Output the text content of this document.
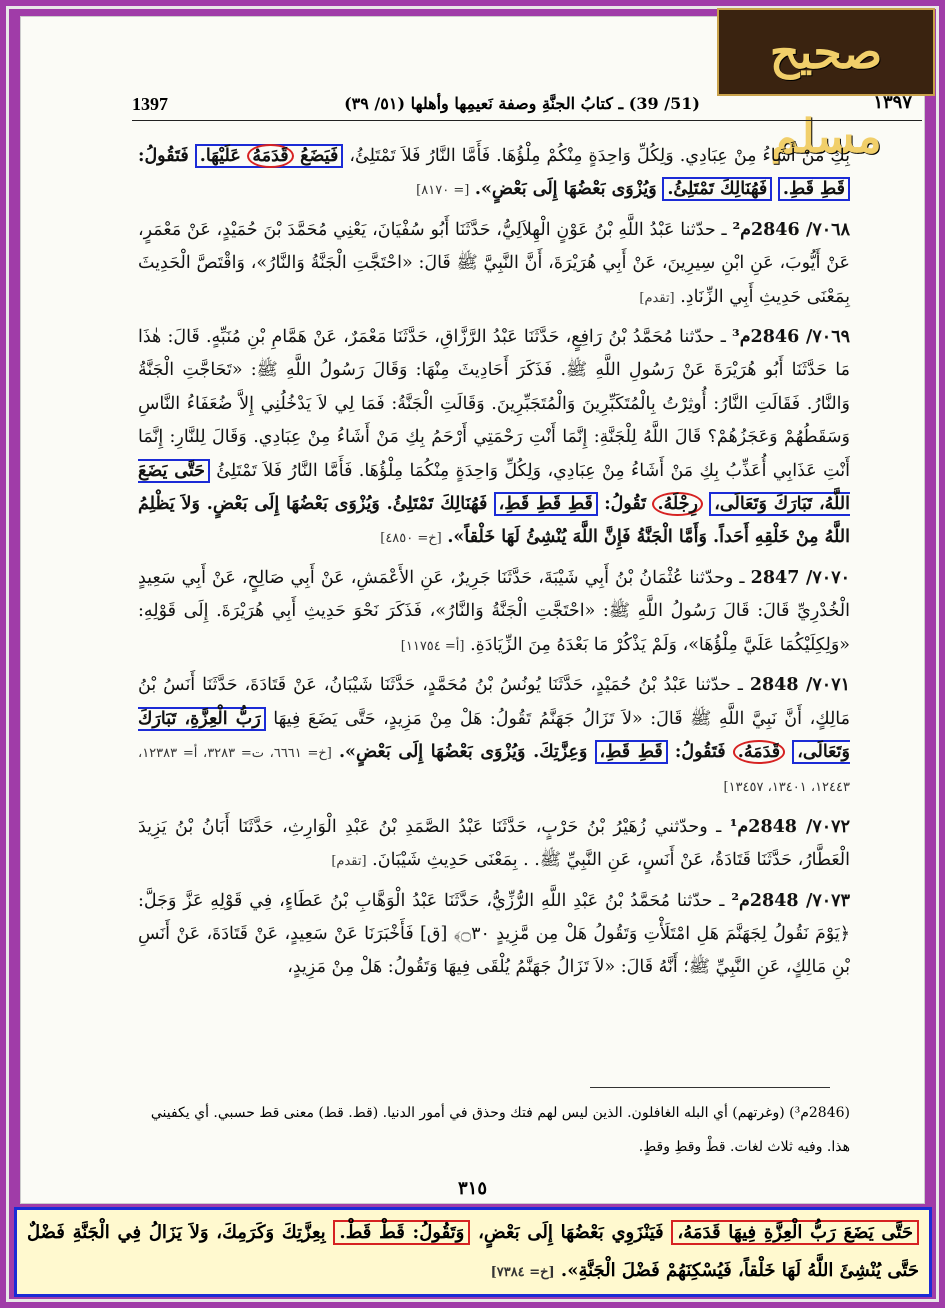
صحيح مسلم
1397	(51/ 39) ـ كتابُ الجنَّةِ وصفة نَعيمِها وأهلها (٥١/ ٣٩)	١٣٩٧

بِكِ مَنْ أَشَاءُ مِنْ عِبَادِي. وَلِكُلِّ وَاحِدَةٍ مِنْكُمْ مِلْؤُهَا. فَأَمَّا النَّارُ فَلاَ تَمْتَلِئُ، فَيَضَعُ قَدَمَهُ عَلَيْهَا. فَتَقُولُ: قَطِ قَطِ. فَهُنَالِكَ تَمْتَلِئُ. وَيُزْوَى بَعْضُهَا إِلَى بَعْضٍ». [= ٨١٧٠]

٧٠٦٨/ 2846م² ـ حدّثنا عَبْدُ اللَّهِ بْنُ عَوْنٍ الْهِلاَلِيُّ، حَدَّثَنَا أَبُو سُفْيَانَ، يَعْنِي مُحَمَّدَ بْنَ حُمَيْدٍ، عَنْ مَعْمَرٍ، عَنْ أَيُّوبَ، عَنِ ابْنِ سِيرِينَ، عَنْ أَبِي هُرَيْرَةَ، أَنَّ النَّبِيَّ ﷺ قَالَ: «احْتَجَّتِ الْجَنَّةُ وَالنَّارُ»، وَاقْتَصَّ الْحَدِيثَ بِمَعْنَى حَدِيثِ أَبِي الزِّنَادِ. [تقدم]

٧٠٦٩/ 2846م³ ـ حدّثنا مُحَمَّدُ بْنُ رَافِعٍ، حَدَّثَنَا عَبْدُ الرَّزَّاقِ، حَدَّثَنَا مَعْمَرٌ، عَنْ هَمَّامِ بْنِ مُنَبِّهٍ. قَالَ: هٰذَا مَا حَدَّثَنَا أَبُو هُرَيْرَةَ عَنْ رَسُولِ اللَّهِ ﷺ. فَذَكَرَ أَحَادِيثَ مِنْهَا: وَقَالَ رَسُولُ اللَّهِ ﷺ: «تَحَاجَّتِ الْجَنَّةُ وَالنَّارُ. فَقَالَتِ النَّارُ: أُوثِرْتُ بِالْمُتَكَبِّرِينَ وَالْمُتَجَبِّرِينَ. وَقَالَتِ الْجَنَّةُ: فَمَا لِي لاَ يَدْخُلُنِي إِلاَّ ضُعَفَاءُ النَّاسِ وَسَقَطُهُمْ وَعَجَزُهُمْ؟ قَالَ اللَّهُ لِلْجَنَّةِ: إِنَّمَا أَنْتِ رَحْمَتِي أَرْحَمُ بِكِ مَنْ أَشَاءُ مِنْ عِبَادِي. وَقَالَ لِلنَّارِ: إِنَّمَا أَنْتِ عَذَابِي أُعَذِّبُ بِكِ مَنْ أَشَاءُ مِنْ عِبَادِي، وَلِكُلِّ وَاحِدَةٍ مِنْكُمَا مِلْؤُهَا. فَأَمَّا النَّارُ فَلاَ تَمْتَلِئُ حَتَّى يَضَعَ اللَّهُ، تَبَارَكَ وَتَعَالَى، رِجْلَهُ. تَقُولُ: قَطِ قَطِ قَطِ، فَهُنَالِكَ تَمْتَلِئُ. وَيُزْوَى بَعْضُهَا إِلَى بَعْضٍ. وَلاَ يَظْلِمُ اللَّهُ مِنْ خَلْقِهِ أَحَداً. وَأَمَّا الْجَنَّةُ فَإِنَّ اللَّهَ يُنْشِئُ لَهَا خَلْقاً». [خ= ٤٨٥٠]

٧٠٧٠/ 2847 ـ وحدّثنا عُثْمَانُ بْنُ أَبِي شَيْبَةَ، حَدَّثَنَا جَرِيرٌ، عَنِ الأَعْمَشِ، عَنْ أَبِي صَالِحٍ، عَنْ أَبِي سَعِيدٍ الْخُدْرِيِّ قَالَ: قَالَ رَسُولُ اللَّهِ ﷺ: «احْتَجَّتِ الْجَنَّةُ وَالنَّارُ»، فَذَكَرَ نَحْوَ حَدِيثِ أَبِي هُرَيْرَةَ. إِلَى قَوْلِهِ: «وَلِكِلَيْكُمَا عَلَيَّ مِلْؤُهَا»، وَلَمْ يَذْكُرْ مَا بَعْدَهُ مِنَ الزِّيَادَةِ. [أ= ١١٧٥٤]

٧٠٧١/ 2848 ـ حدّثنا عَبْدُ بْنُ حُمَيْدٍ، حَدَّثَنَا يُونُسُ بْنُ مُحَمَّدٍ، حَدَّثَنَا شَيْبَانُ، عَنْ قَتَادَةَ، حَدَّثَنَا أَنَسُ بْنُ مَالِكٍ، أَنَّ نَبِيَّ اللَّهِ ﷺ قَالَ: «لاَ تَزَالُ جَهَنَّمُ تَقُولُ: هَلْ مِنْ مَزِيدٍ، حَتَّى يَضَعَ فِيهَا رَبُّ الْعِزَّةِ، تَبَارَكَ وَتَعَالَى، قَدَمَهُ. فَتَقُولُ: قَطِ قَطِ، وَعِزَّتِكَ. وَيُزْوَى بَعْضُهَا إِلَى بَعْضٍ». [خ= ٦٦٦١، ت= ٣٢٨٣، أ= ١٢٣٨٣، ١٢٤٤٣، ١٣٤٠١، ١٣٤٥٧]

٧٠٧٢/ 2848م¹ ـ وحدّثني زُهَيْرُ بْنُ حَرْبٍ، حَدَّثَنَا عَبْدُ الصَّمَدِ بْنُ عَبْدِ الْوَارِثِ، حَدَّثَنَا أَبَانُ بْنُ يَزِيدَ الْعَطَّارُ، حَدَّثَنَا قَتَادَةُ، عَنْ أَنَسٍ، عَنِ النَّبِيِّ ﷺ. . بِمَعْنَى حَدِيثِ شَيْبَانَ. [تقدم]

٧٠٧٣/ 2848م² ـ حدّثنا مُحَمَّدُ بْنُ عَبْدِ اللَّهِ الرُّزِّيُّ، حَدَّثَنَا عَبْدُ الْوَهَّابِ بْنُ عَطَاءٍ، فِي قَوْلِهِ عَزَّ وَجَلَّ: ﴿يَوْمَ نَقُولُ لِجَهَنَّمَ هَلِ امْتَلَأْتِ وَتَقُولُ هَلْ مِن مَّزِيدٍ ۝٣٠﴾ [ق] فَأَخْبَرَنَا عَنْ سَعِيدٍ، عَنْ قَتَادَةَ، عَنْ أَنَسِ بْنِ مَالِكٍ، عَنِ النَّبِيِّ ﷺ؛ أَنَّهُ قَالَ: «لاَ تَزَالُ جَهَنَّمُ يُلْقَى فِيهَا وَتَقُولُ: هَلْ مِنْ مَزِيدٍ،

(2846م³) (وغرتهم) أي البله الغافلون. الذين ليس لهم فتك وحذق في أمور الدنيا. (قط. قط) معنى قط حسبي. أي يكفيني هذا. وفيه ثلاث لغات. قطْ وقطِ وقطٍ.
٣١٥
حَتَّى يَضَعَ رَبُّ الْعِزَّةِ فِيهَا قَدَمَهُ، فَيَنْزَوِي بَعْضُهَا إِلَى بَعْضٍ، وَتَقُولُ: قَطْ قَطْ. بِعِزَّتِكَ وَكَرَمِكَ، وَلاَ يَزَالُ فِي الْجَنَّةِ فَضْلٌ حَتَّى يُنْشِئَ اللَّهُ لَهَا خَلْقاً، فَيُسْكِنَهُمْ فَضْلَ الْجَنَّةِ». [خ= ٧٣٨٤]
